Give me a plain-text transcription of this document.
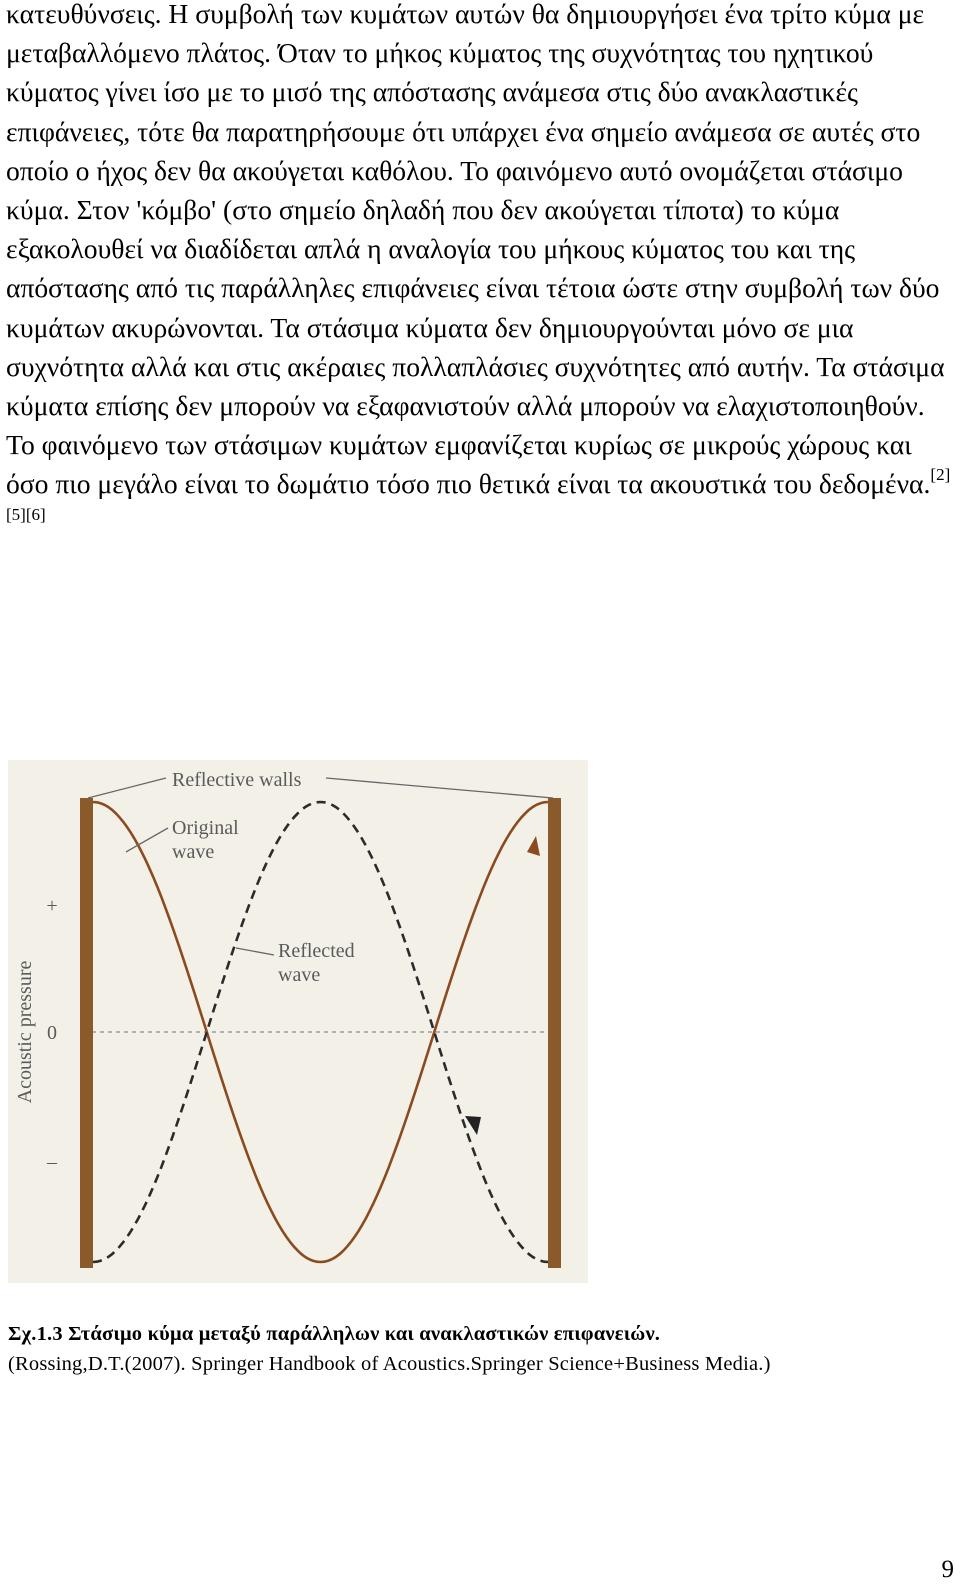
κατευθύνσεις. Η συμβολή των κυμάτων αυτών θα δημιουργήσει ένα τρίτο κύμα με μεταβαλλόμενο πλάτος. Όταν το μήκος κύματος της συχνότητας του ηχητικού κύματος γίνει ίσο με το μισό της απόστασης ανάμεσα στις δύο ανακλαστικές επιφάνειες, τότε θα παρατηρήσουμε ότι υπάρχει ένα σημείο ανάμεσα σε αυτές στο οποίο ο ήχος δεν θα ακούγεται καθόλου. Το φαινόμενο αυτό ονομάζεται στάσιμο κύμα. Στον 'κόμβο' (στο σημείο δηλαδή που δεν ακούγεται τίποτα) το κύμα εξακολουθεί να διαδίδεται απλά η αναλογία του μήκους κύματος του και της απόστασης από τις παράλληλες επιφάνειες είναι τέτοια ώστε στην συμβολή των δύο κυμάτων ακυρώνονται. Τα στάσιμα κύματα δεν δημιουργούνται μόνο σε μια συχνότητα αλλά και στις ακέραιες πολλαπλάσιες συχνότητες από αυτήν. Τα στάσιμα κύματα επίσης δεν μπορούν να εξαφανιστούν αλλά μπορούν να ελαχιστοποιηθούν. Το φαινόμενο των στάσιμων κυμάτων εμφανίζεται κυρίως σε μικρούς χώρους και όσο πιο μεγάλο είναι το δωμάτιο τόσο πιο θετικά είναι τα ακουστικά του δεδομένα.[2][5][6]

Reflective walls
Original
wave
Reflected
wave
Acoustic pressure
+
0
–
Σχ.1.3 Στάσιμο κύμα μεταξύ παράλληλων και ανακλαστικών επιφανειών.
(Rossing,D.T.(2007). Springer Handbook of Acoustics.Springer Science+Business Media.)
9
